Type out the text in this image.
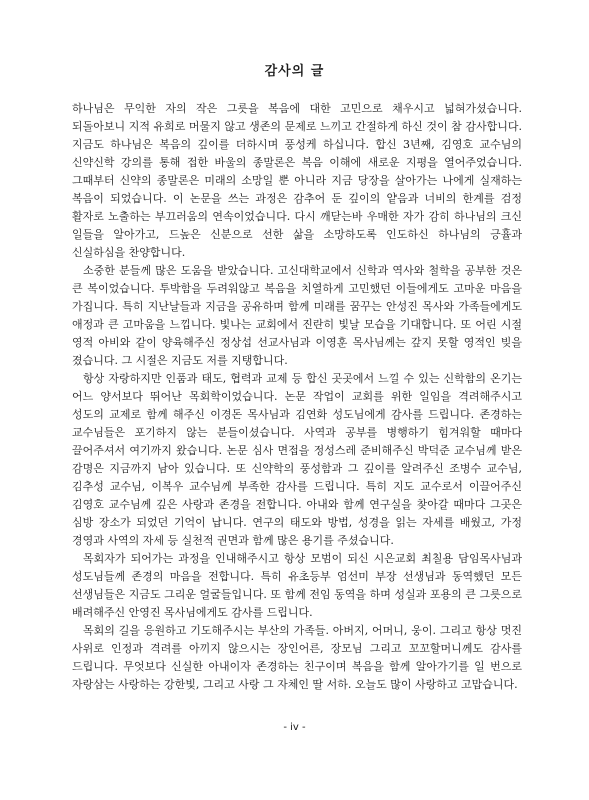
감사의 글

하나님은 무익한 자의 작은 그릇을 복음에 대한 고민으로 채우시고 넓혀가셨습니다. 되돌아보니 지적 유희로 머물지 않고 생존의 문제로 느끼고 간절하게 하신 것이 참 감사합니다. 지금도 하나님은 복음의 깊이를 더하시며 풍성케 하십니다. 합신 3년째, 김영호 교수님의 신약신학 강의를 통해 접한 바울의 종말론은 복음 이해에 새로운 지평을 열어주었습니다. 그때부터 신약의 종말론은 미래의 소망일 뿐 아니라 지금 당장을 살아가는 나에게 실재하는 복음이 되었습니다. 이 논문을 쓰는 과정은 감추어 둔 깊이의 얕음과 너비의 한계를 검정 활자로 노출하는 부끄러움의 연속이었습니다. 다시 깨닫는바 우매한 자가 감히 하나님의 크신 일들을 알아가고, 드높은 신분으로 선한 삶을 소망하도록 인도하신 하나님의 긍휼과 신실하심을 찬양합니다.

소중한 분들께 많은 도움을 받았습니다. 고신대학교에서 신학과 역사와 철학을 공부한 것은 큰 복이었습니다. 투박함을 두려워않고 복음을 치열하게 고민했던 이들에게도 고마운 마음을 가집니다. 특히 지난날들과 지금을 공유하며 함께 미래를 꿈꾸는 안성진 목사와 가족들에게도 애정과 큰 고마움을 느낍니다. 빛나는 교회에서 진란히 빛날 모습을 기대합니다. 또 어린 시절 영적 아비와 같이 양육해주신 정상섭 선교사님과 이영훈 목사님께는 갚지 못할 영적인 빚을 졌습니다. 그 시절은 지금도 저를 지탱합니다.

항상 자랑하지만 인품과 태도, 협력과 교제 등 합신 곳곳에서 느낄 수 있는 신학함의 온기는 어느 양서보다 뛰어난 목회학이었습니다. 논문 작업이 교회를 위한 일임을 격려해주시고 성도의 교제로 함께 해주신 이경돈 목사님과 김연화 성도님에게 감사를 드립니다. 존경하는 교수님들은 포기하지 않는 분들이셨습니다. 사역과 공부를 병행하기 힘겨워할 때마다 끌어주셔서 여기까지 왔습니다. 논문 심사 면접을 정성스레 준비해주신 박덕준 교수님께 받은 감명은 지금까지 남아 있습니다. 또 신약학의 풍성함과 그 깊이를 알려주신 조병수 교수님, 김추성 교수님, 이복우 교수님께 부족한 감사를 드립니다. 특히 지도 교수로서 이끌어주신 김영호 교수님께 깊은 사랑과 존경을 전합니다. 아내와 함께 연구실을 찾아갈 때마다 그곳은 심방 장소가 되었던 기억이 납니다. 연구의 태도와 방법, 성경을 읽는 자세를 배웠고, 가정 경영과 사역의 자세 등 실천적 권면과 함께 많은 용기를 주셨습니다.

목회자가 되어가는 과정을 인내해주시고 항상 모범이 되신 시은교회 최칠용 담임목사님과 성도님들께 존경의 마음을 전합니다. 특히 유초등부 엄선미 부장 선생님과 동역했던 모든 선생님들은 지금도 그리운 얼굴들입니다. 또 함께 전임 동역을 하며 성실과 포용의 큰 그릇으로 배려해주신 안영진 목사님에게도 감사를 드립니다.

목회의 길을 응원하고 기도해주시는 부산의 가족들. 아버지, 어머니, 웅이. 그리고 항상 멋진 사위로 인정과 격려를 아끼지 않으시는 장인어른, 장모님 그리고 꼬꼬할머니께도 감사를 드립니다. 무엇보다 신실한 아내이자 존경하는 친구이며 복음을 함께 알아가기를 일 번으로 자랑삼는 사랑하는 강한빛, 그리고 사랑 그 자체인 딸 서하. 오늘도 많이 사랑하고 고맙습니다.

- iv -
